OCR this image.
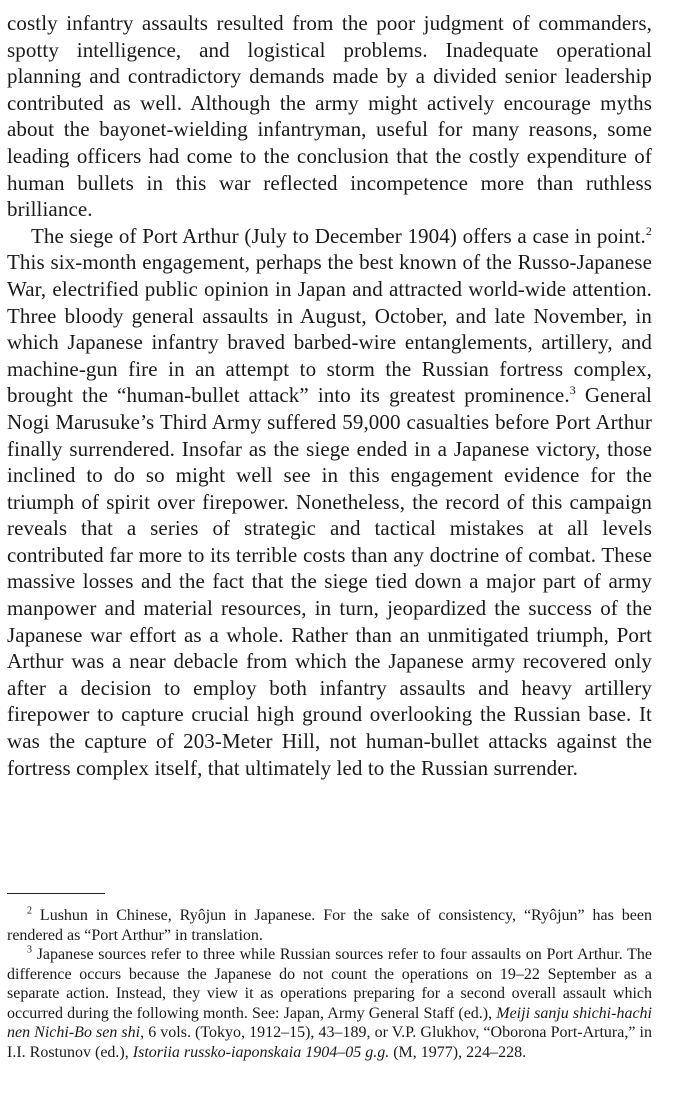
costly infantry assaults resulted from the poor judgment of commanders, spotty intelligence, and logistical problems. Inadequate operational planning and contradictory demands made by a divided senior leadership contributed as well. Although the army might actively encourage myths about the bayonet-wielding infantryman, useful for many reasons, some leading officers had come to the conclusion that the costly expenditure of human bullets in this war reflected incompetence more than ruthless brilliance.

The siege of Port Arthur (July to December 1904) offers a case in point.$^2$ This six-month engagement, perhaps the best known of the Russo-Japanese War, electrified public opinion in Japan and attracted world-wide attention. Three bloody general assaults in August, October, and late November, in which Japanese infantry braved barbed-wire entanglements, artillery, and machine-gun fire in an attempt to storm the Russian fortress complex, brought the “human-bullet attack” into its greatest prominence.$^3$ General Nogi Marusuke’s Third Army suffered 59,000 casualties before Port Arthur finally surrendered. Insofar as the siege ended in a Japanese victory, those inclined to do so might well see in this engagement evidence for the triumph of spirit over firepower. Nonetheless, the record of this campaign reveals that a series of strategic and tactical mistakes at all levels contributed far more to its terrible costs than any doctrine of combat. These massive losses and the fact that the siege tied down a major part of army manpower and material resources, in turn, jeopardized the success of the Japanese war effort as a whole. Rather than an unmitigated triumph, Port Arthur was a near debacle from which the Japanese army recovered only after a decision to employ both infantry assaults and heavy artillery firepower to capture crucial high ground overlooking the Russian base. It was the capture of 203-Meter Hill, not human-bullet attacks against the fortress complex itself, that ultimately led to the Russian surrender.

$^2$ Lushun in Chinese, Ryôjun in Japanese. For the sake of consistency, “Ryôjun” has been rendered as “Port Arthur” in translation.

$^3$ Japanese sources refer to three while Russian sources refer to four assaults on Port Arthur. The difference occurs because the Japanese do not count the operations on 19–22 September as a separate action. Instead, they view it as operations preparing for a second overall assault which occurred during the following month. See: Japan, Army General Staff (ed.), Meiji sanju shichi-hachi nen Nichi-Bo sen shi, 6 vols. (Tokyo, 1912–15), 43–189, or V.P. Glukhov, “Oborona Port-Artura,” in I.I. Rostunov (ed.), Istoriia russko-iaponskaia 1904–05 g.g. (M, 1977), 224–228.
